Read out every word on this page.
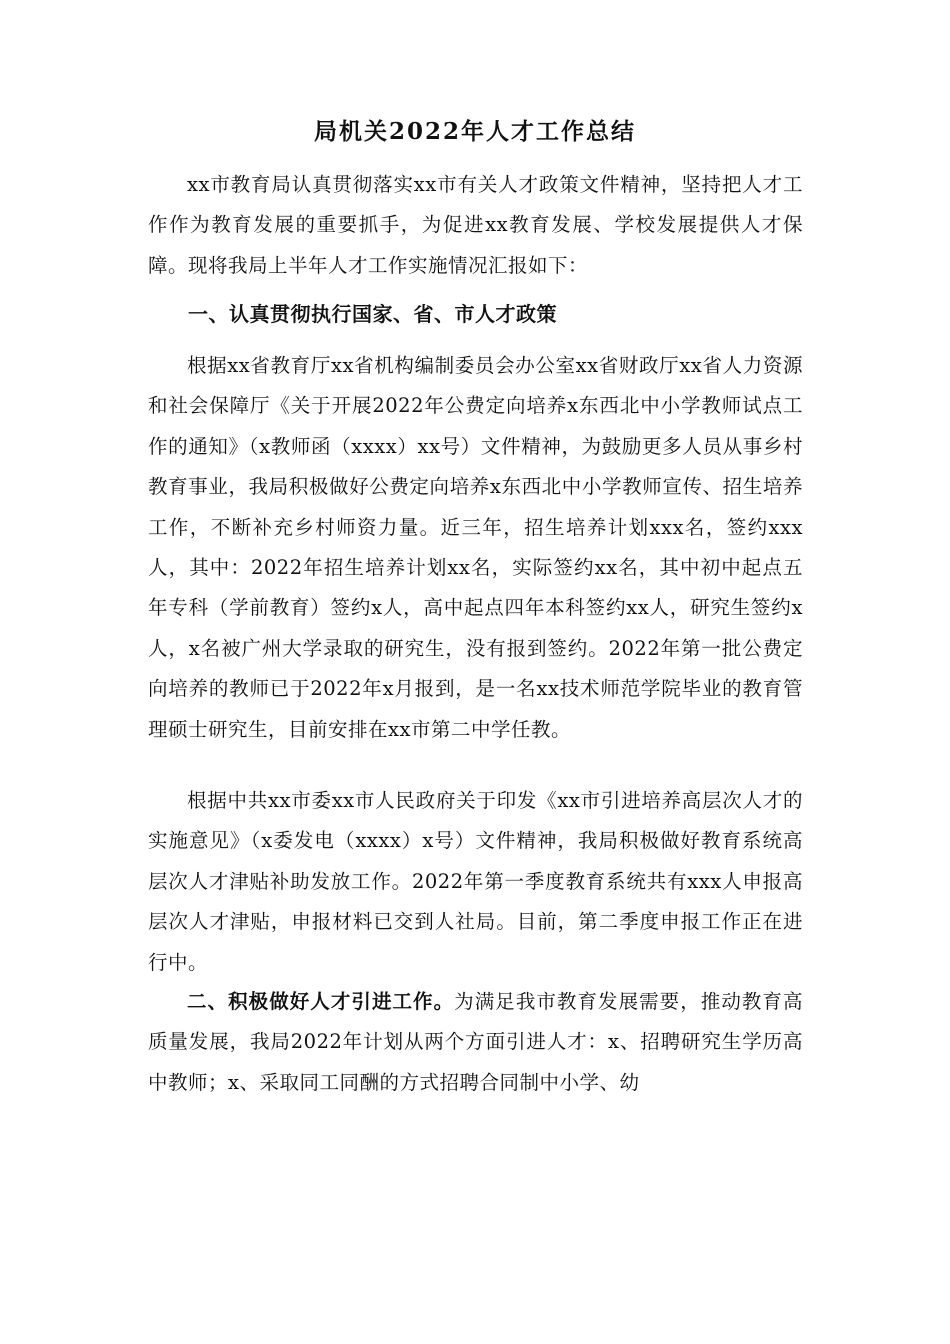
局机关2022年人才工作总结

xx市教育局认真贯彻落实xx市有关人才政策文件精神，坚持把人才工作作为教育发展的重要抓手，为促进xx教育发展、学校发展提供人才保障。现将我局上半年人才工作实施情况汇报如下：

一、认真贯彻执行国家、省、市人才政策

根据xx省教育厅xx省机构编制委员会办公室xx省财政厅xx省人力资源和社会保障厅《关于开展2022年公费定向培养x东西北中小学教师试点工作的通知》（x教师函（xxxx）xx号）文件精神，为鼓励更多人员从事乡村教育事业，我局积极做好公费定向培养x东西北中小学教师宣传、招生培养工作，不断补充乡村师资力量。近三年，招生培养计划xxx名，签约xxx人，其中：2022年招生培养计划xx名，实际签约xx名，其中初中起点五年专科（学前教育）签约x人，高中起点四年本科签约xx人，研究生签约x人，x名被广州大学录取的研究生，没有报到签约。2022年第一批公费定向培养的教师已于2022年x月报到，是一名xx技术师范学院毕业的教育管理硕士研究生，目前安排在xx市第二中学任教。

根据中共xx市委xx市人民政府关于印发《xx市引进培养高层次人才的实施意见》（x委发电（xxxx）x号）文件精神，我局积极做好教育系统高层次人才津贴补助发放工作。2022年第一季度教育系统共有xxx人申报高层次人才津贴，申报材料已交到人社局。目前，第二季度申报工作正在进行中。

二、积极做好人才引进工作。为满足我市教育发展需要，推动教育高质量发展，我局2022年计划从两个方面引进人才：x、招聘研究生学历高中教师；x、采取同工同酬的方式招聘合同制中小学、幼
